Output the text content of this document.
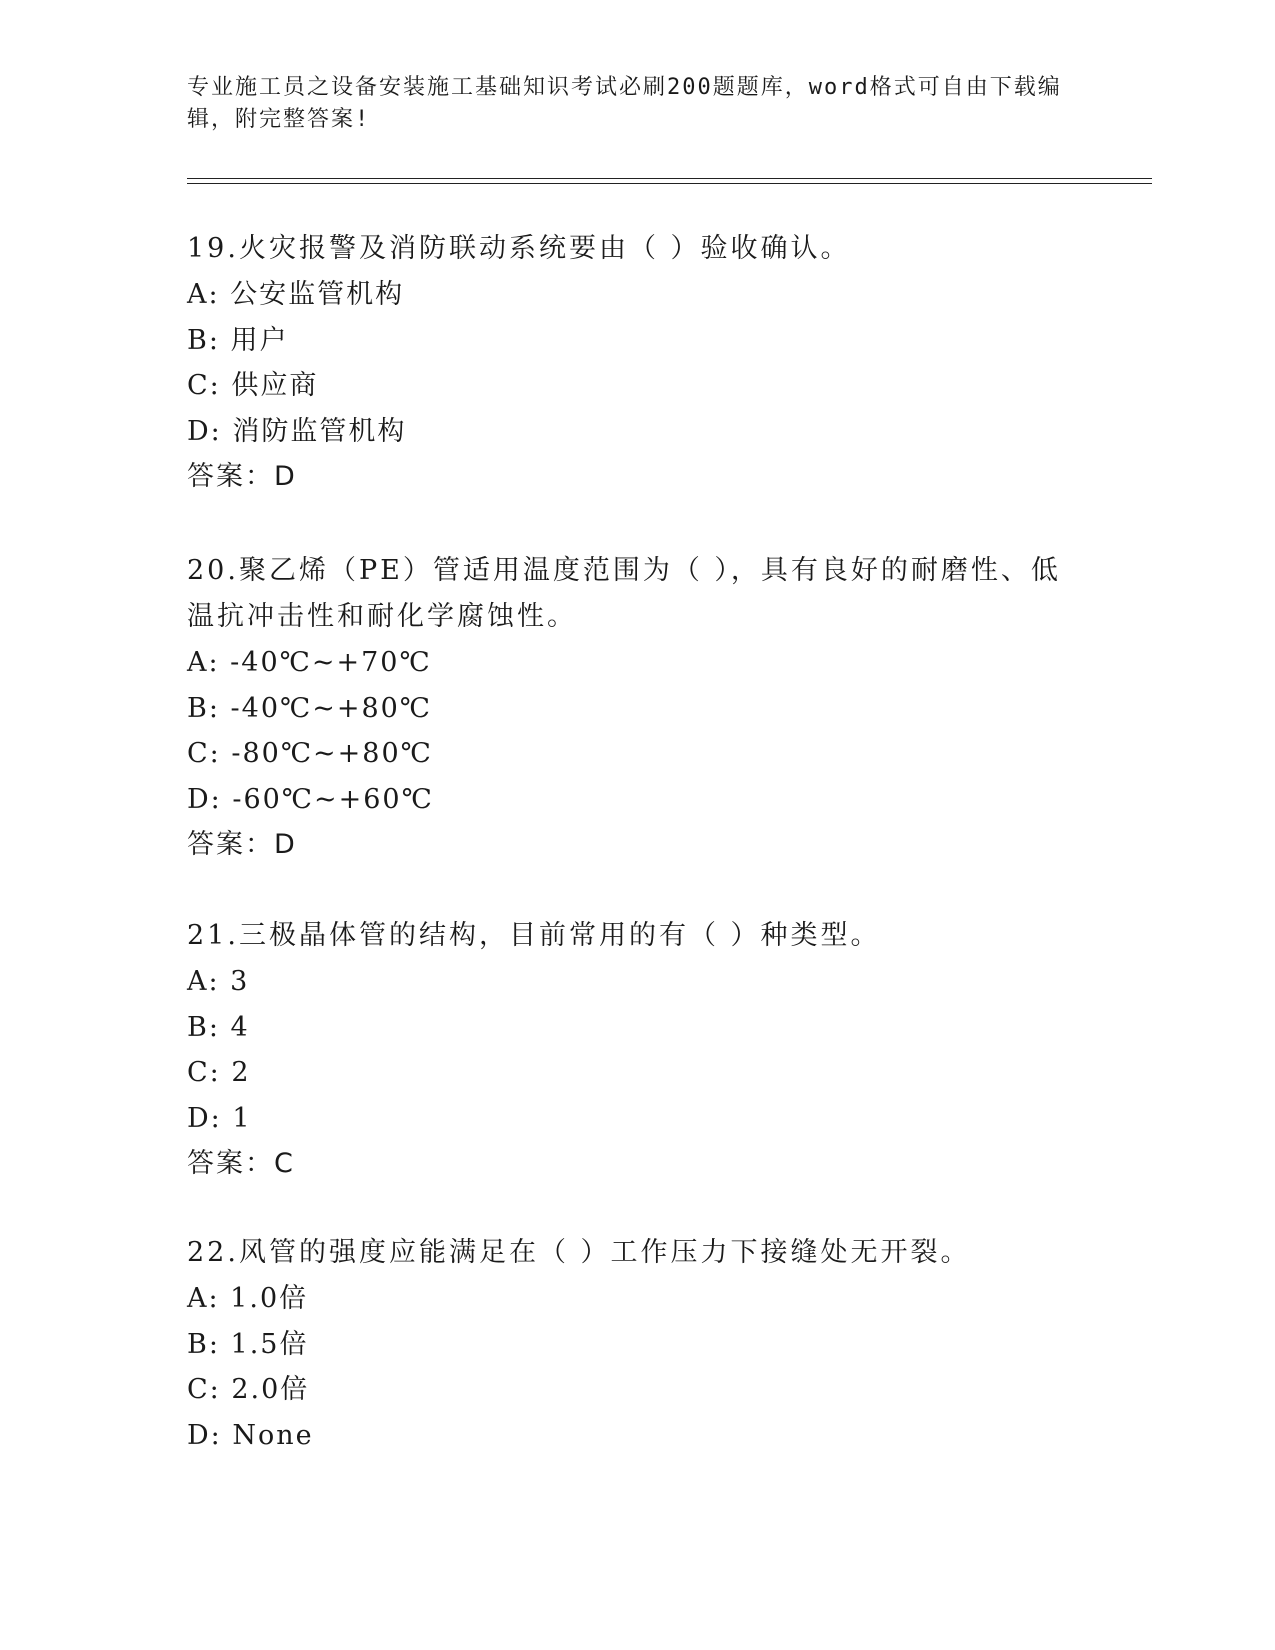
专业施工员之设备安装施工基础知识考试必刷200题题库，word格式可自由下载编辑，附完整答案!

19.火灾报警及消防联动系统要由（ ）验收确认。

A: 公安监管机构

B: 用户

C: 供应商

D: 消防监管机构

答案：D

20.聚乙烯（PE）管适用温度范围为（ ），具有良好的耐磨性、低温抗冲击性和耐化学腐蚀性。

A: -40℃~+70℃

B: -40℃~+80℃

C: -80℃~+80℃

D: -60℃~+60℃

答案：D

21.三极晶体管的结构，目前常用的有（ ）种类型。

A: 3

B: 4

C: 2

D: 1

答案：C

22.风管的强度应能满足在（ ）工作压力下接缝处无开裂。

A: 1.0倍

B: 1.5倍

C: 2.0倍

D: None
